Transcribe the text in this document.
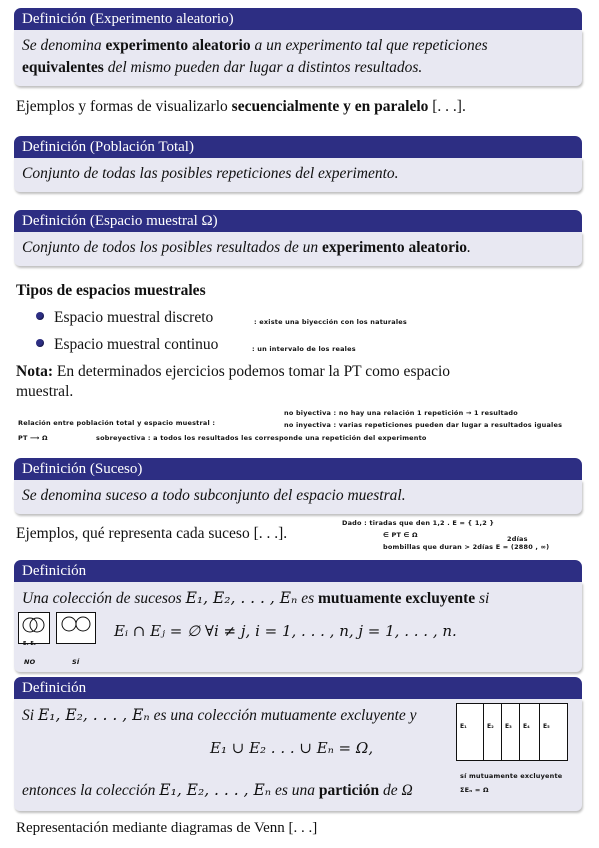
Definición (Experimento aleatorio)
Se denomina experimento aleatorio a un experimento tal que repeticiones
equivalentes del mismo pueden dar lugar a distintos resultados.
Ejemplos y formas de visualizarlo secuencialmente y en paralelo [. . .].
Definición (Población Total)
Conjunto de todas las posibles repeticiones del experimento.
Definición (Espacio muestral Ω)
Conjunto de todos los posibles resultados de un experimento aleatorio.
Tipos de espacios muestrales
Espacio muestral discreto	: existe una biyección con los naturales
Espacio muestral continuo	: un intervalo de los reales
Nota: En determinados ejercicios podemos tomar la PT como espacio
muestral.
Relación entre población total y espacio muestral :
no biyectiva : no hay una relación 1 repetición → 1 resultado
no inyectiva : varias repeticiones pueden dar lugar a resultados iguales
PT ⟶ Ω	sobreyectiva : a todos los resultados les corresponde una repetición del experimento
Definición (Suceso)
Se denomina suceso a todo subconjunto del espacio muestral.
Ejemplos, qué representa cada suceso [. . .].
Dado : tiradas que den 1,2 . E = { 1,2 }
∈ PT ∈ Ω	2días
bombillas que duran > 2días E = (2880 , ∞)
Definición
Una colección de sucesos E₁, E₂, . . . , Eₙ es mutuamente excluyente si
Eᵢ ∩ Eⱼ = ∅ ∀i ≠ j, i = 1, . . . , n, j = 1, . . . , n.
E₁ E₂
NO	SÍ
Definición
Si E₁, E₂, . . . , Eₙ es una colección mutuamente excluyente y
E₁ ∪ E₂ . . . ∪ Eₙ = Ω,
entonces la colección E₁, E₂, . . . , Eₙ es una partición de Ω
E₁	E₂	E₃	E₄	E₅
sí mutuamente excluyente
ΣEₙ = Ω
Representación mediante diagramas de Venn [. . .]
